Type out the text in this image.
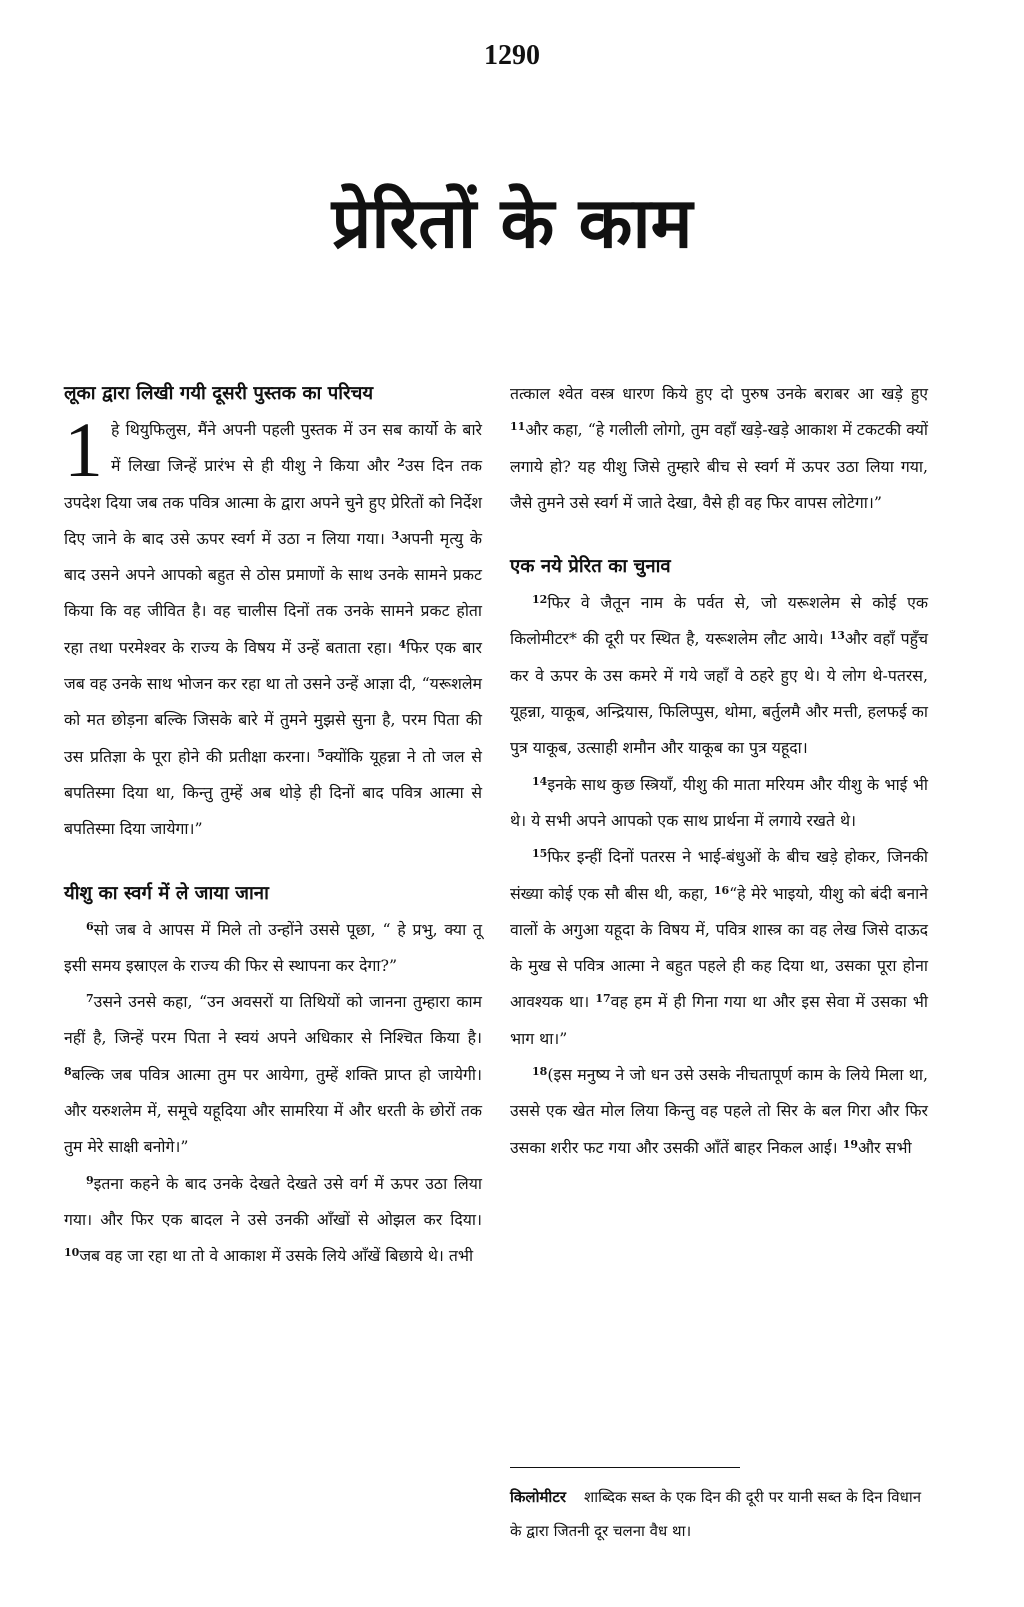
1290
प्रेरितों के काम
लूका द्वारा लिखी गयी दूसरी पुस्तक का परिचय

1 हे थियुफिलुस, मैंने अपनी पहली पुस्तक में उन सब कार्यो के बारे में लिखा जिन्हें प्रारंभ से ही यीशु ने किया और $^2$उस दिन तक उपदेश दिया जब तक पवित्र आत्मा के द्वारा अपने चुने हुए प्रेरितों को निर्देश दिए जाने के बाद उसे ऊपर स्वर्ग में उठा न लिया गया। $^3$अपनी मृत्यु के बाद उसने अपने आपको बहुत से ठोस प्रमाणों के साथ उनके सामने प्रकट किया कि वह जीवित है। वह चालीस दिनों तक उनके सामने प्रकट होता रहा तथा परमेश्वर के राज्य के विषय में उन्हें बताता रहा। $^4$फिर एक बार जब वह उनके साथ भोजन कर रहा था तो उसने उन्हें आज्ञा दी, “यरूशलेम को मत छोड़ना बल्कि जिसके बारे में तुमने मुझसे सुना है, परम पिता की उस प्रतिज्ञा के पूरा होने की प्रतीक्षा करना। $^5$क्योंकि यूहन्ना ने तो जल से बपतिस्मा दिया था, किन्तु तुम्हें अब थोड़े ही दिनों बाद पवित्र आत्मा से बपतिस्मा दिया जायेगा।”

यीशु का स्वर्ग में ले जाया जाना

$^6$सो जब वे आपस में मिले तो उन्होंने उससे पूछा, “ हे प्रभु, क्या तू इसी समय इस्राएल के राज्य की फिर से स्थापना कर देगा?”

$^7$उसने उनसे कहा, “उन अवसरों या तिथियों को जानना तुम्हारा काम नहीं है, जिन्हें परम पिता ने स्वयं अपने अधिकार से निश्चित किया है। $^8$बल्कि जब पवित्र आत्मा तुम पर आयेगा, तुम्हें शक्ति प्राप्त हो जायेगी। और यरुशलेम में, समूचे यहूदिया और सामरिया में और धरती के छोरों तक तुम मेरे साक्षी बनोगे।”

$^9$इतना कहने के बाद उनके देखते देखते उसे वर्ग में ऊपर उठा लिया गया। और फिर एक बादल ने उसे उनकी आँखों से ओझल कर दिया। $^{10}$जब वह जा रहा था तो वे आकाश में उसके लिये आँखें बिछाये थे। तभी

तत्काल श्वेत वस्त्र धारण किये हुए दो पुरुष उनके बराबर आ खड़े हुए $^{11}$और कहा, “हे गलीली लोगो, तुम वहाँ खड़े-खड़े आकाश में टकटकी क्यों लगाये हो? यह यीशु जिसे तुम्हारे बीच से स्वर्ग में ऊपर उठा लिया गया, जैसे तुमने उसे स्वर्ग में जाते देखा, वैसे ही वह फिर वापस लोटेगा।”

एक नये प्रेरित का चुनाव

$^{12}$फिर वे जैतून नाम के पर्वत से, जो यरूशलेम से कोई एक किलोमीटर* की दूरी पर स्थित है, यरूशलेम लौट आये। $^{13}$और वहाँ पहुँच कर वे ऊपर के उस कमरे में गये जहाँ वे ठहरे हुए थे। ये लोग थे-पतरस, यूहन्ना, याकूब, अन्द्रियास, फिलिप्पुस, थोमा, बर्तुलमै और मत्ती, हलफई का पुत्र याकूब, उत्साही शमौन और याकूब का पुत्र यहूदा।

$^{14}$इनके साथ कुछ स्त्रियाँ, यीशु की माता मरियम और यीशु के भाई भी थे। ये सभी अपने आपको एक साथ प्रार्थना में लगाये रखते थे।

$^{15}$फिर इन्हीं दिनों पतरस ने भाई-बंधुओं के बीच खड़े होकर, जिनकी संख्या कोई एक सौ बीस थी, कहा, $^{16}$“हे मेरे भाइयो, यीशु को बंदी बनाने वालों के अगुआ यहूदा के विषय में, पवित्र शास्त्र का वह लेख जिसे दाऊद के मुख से पवित्र आत्मा ने बहुत पहले ही कह दिया था, उसका पूरा होना आवश्यक था। $^{17}$वह हम में ही गिना गया था और इस सेवा में उसका भी भाग था।”

$^{18}$(इस मनुष्य ने जो धन उसे उसके नीचतापूर्ण काम के लिये मिला था, उससे एक खेत मोल लिया किन्तु वह पहले तो सिर के बल गिरा और फिर उसका शरीर फट गया और उसकी आँतें बाहर निकल आई। $^{19}$और सभी

किलोमीटर शाब्दिक सब्त के एक दिन की दूरी पर यानी सब्त के दिन विधान के द्वारा जितनी दूर चलना वैध था।
